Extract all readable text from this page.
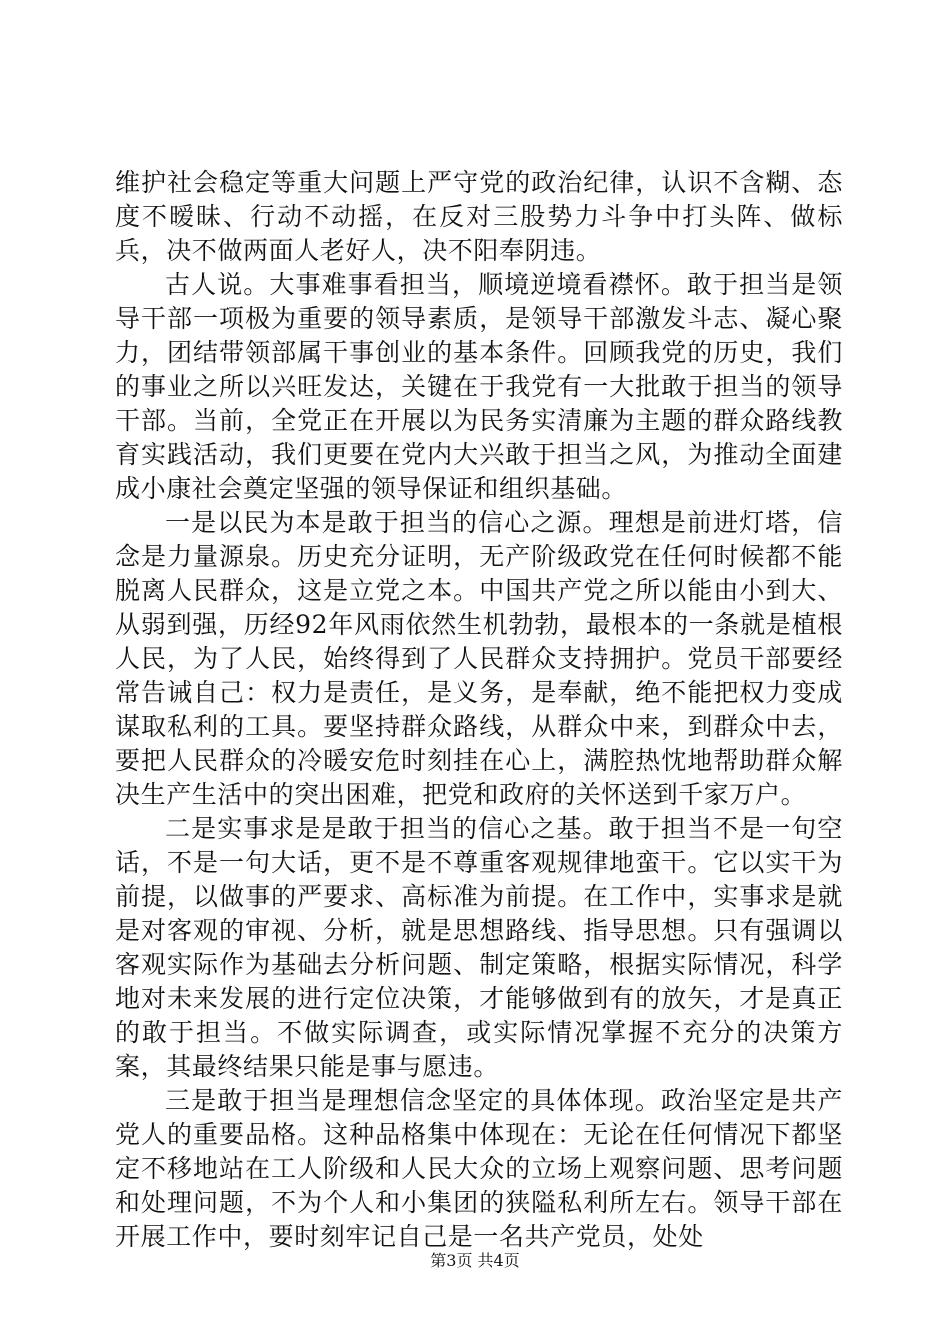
维护社会稳定等重大问题上严守党的政治纪律，认识不含糊、态度不暧昧、行动不动摇，在反对三股势力斗争中打头阵、做标兵，决不做两面人老好人，决不阳奉阴违。

古人说。大事难事看担当，顺境逆境看襟怀。敢于担当是领导干部一项极为重要的领导素质，是领导干部激发斗志、凝心聚力，团结带领部属干事创业的基本条件。回顾我党的历史，我们的事业之所以兴旺发达，关键在于我党有一大批敢于担当的领导干部。当前，全党正在开展以为民务实清廉为主题的群众路线教育实践活动，我们更要在党内大兴敢于担当之风，为推动全面建成小康社会奠定坚强的领导保证和组织基础。

一是以民为本是敢于担当的信心之源。理想是前进灯塔，信念是力量源泉。历史充分证明，无产阶级政党在任何时候都不能脱离人民群众，这是立党之本。中国共产党之所以能由小到大、从弱到强，历经92年风雨依然生机勃勃，最根本的一条就是植根人民，为了人民，始终得到了人民群众支持拥护。党员干部要经常告诫自己：权力是责任，是义务，是奉献，绝不能把权力变成谋取私利的工具。要坚持群众路线，从群众中来，到群众中去，要把人民群众的冷暖安危时刻挂在心上，满腔热忱地帮助群众解决生产生活中的突出困难，把党和政府的关怀送到千家万户。

二是实事求是是敢于担当的信心之基。敢于担当不是一句空话，不是一句大话，更不是不尊重客观规律地蛮干。它以实干为前提，以做事的严要求、高标准为前提。在工作中，实事求是就是对客观的审视、分析，就是思想路线、指导思想。只有强调以客观实际作为基础去分析问题、制定策略，根据实际情况，科学地对未来发展的进行定位决策，才能够做到有的放矢，才是真正的敢于担当。不做实际调查，或实际情况掌握不充分的决策方案，其最终结果只能是事与愿违。

三是敢于担当是理想信念坚定的具体体现。政治坚定是共产党人的重要品格。这种品格集中体现在：无论在任何情况下都坚定不移地站在工人阶级和人民大众的立场上观察问题、思考问题和处理问题，不为个人和小集团的狭隘私利所左右。领导干部在开展工作中，要时刻牢记自己是一名共产党员，处处

第3页 共4页
